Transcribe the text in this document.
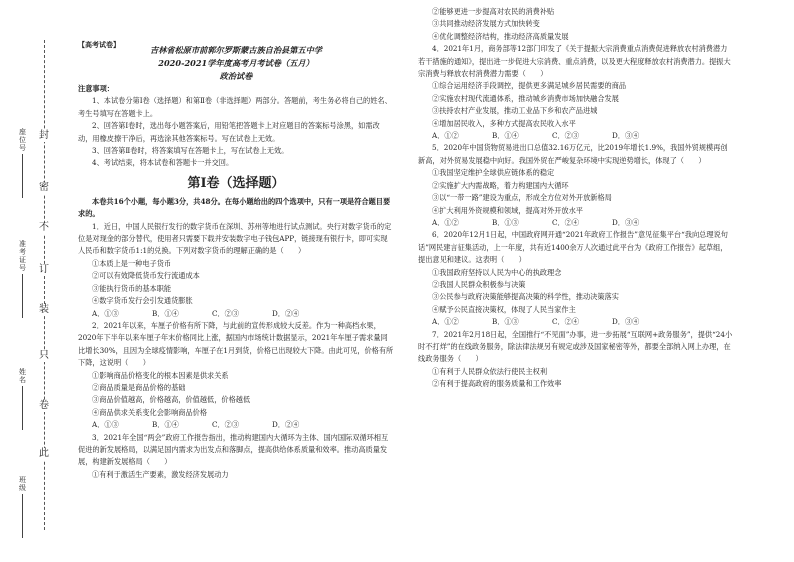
封
密
不
订
装
只
卷
此
座位号
准考证号
姓名
班级
【高考试卷】
吉林省松原市前郭尔罗斯蒙古族自治县第五中学
2020-2021学年度高考月考试卷（五月）
政治试卷

注意事项：

1、本试卷分第Ⅰ卷（选择题）和第Ⅱ卷（非选择题）两部分。答题前，考生务必将自己的姓名、考生号填写在答题卡上。

2、回答第Ⅰ卷时，选出每小题答案后，用铅笔把答题卡上对应题目的答案标号涂黑，如需改动，用橡皮擦干净后，再选涂其他答案标号。写在试卷上无效。

3、回答第Ⅱ卷时，将答案填写在答题卡上，写在试卷上无效。

4、考试结束，将本试卷和答题卡一并交回。

第Ⅰ卷（选择题）

本卷共16个小题，每小题3分，共48分。在每小题给出的四个选项中，只有一项是符合题目要求的。

1．近日，中国人民银行发行的数字货币在深圳、苏州等地进行试点测试。央行对数字货币的定位是对现金的部分替代，使用者只需要下载并安装数字电子钱包APP，链接现有银行卡，即可实现人民币和数字货币1:1的兑换。下列对数字货币的理解正确的是（　　）

①本质上是一种电子货币

②可以有效降低货币发行流通成本

③能执行货币的基本职能

④数字货币发行会引发通货膨胀

A．①③	B．①④	C．②③	D．②④

2．2021年以来，车厘子价格有所下降，与此前的宣传形成较大反差。作为一种高档水果，2020年下半年以来车厘子年末价格同比上涨，据国内市场统计数据显示，2021年车厘子需求量同比增长30%，且因为全球疫情影响，车厘子在1月到货，价格已出现较大下降。由此可见，价格有所下降，这说明（　　）

①影响商品价格变化的根本因素是供求关系

②商品质量是商品价格的基础

③商品价值越高，价格越高，价值越低，价格越低

④商品供求关系变化会影响商品价格

A．①③	B．①④	C．②③	D．②④

3．2021年全国“两会”政府工作报告指出，推动构建国内大循环为主体、国内国际双循环相互促进的新发展格局，以满足国内需求为出发点和落脚点，提高供给体系质量和效率。推动高质量发展，构建新发展格局（　　）

①有利于激活生产要素，激发经济发展动力

②能够更进一步提高对农民的消费补贴

③共同推动经济发展方式加快转变

④优化调整经济结构，推动经济高质量发展

4．2021年1月，商务部等12部门印发了《关于提振大宗消费重点消费促进释放农村消费潜力若干措施的通知》，提出进一步促进大宗消费、重点消费，以及更大程度释放农村消费潜力。提振大宗消费与释放农村消费潜力需要（　　）

①综合运用经济手段调控，提供更多满足城乡居民需要的商品

②实施农村现代流通体系，推动城乡消费市场加快融合发展

③扶持农村产业发展，推动工业品下乡和农产品进城

④增加居民收入，多种方式提高农民收入水平

A．①②	B．①④	C．②③	D．③④

5．2020年中国货物贸易进出口总值32.16万亿元，比2019年增长1.9%，我国外贸规模再创新高，对外贸易发展稳中向好。我国外贸在严峻复杂环境中实现逆势增长，体现了（　　）

①我国坚定维护全球供应链体系的稳定

②实施扩大内需战略，着力构建国内大循环

③以“一带一路”建设为重点，形成全方位对外开放新格局

④扩大利用外资规模和领域，提高对外开放水平

A．①②	B．①③	C．②④	D．③④

6．2020年12月1日起，中国政府网开通“2021年政府工作报告”意见征集平台“我向总理说句话”网民建言征集活动，上一年度，共有近1400余万人次通过此平台为《政府工作报告》起草组，提出意见和建议。这表明（　　）

①我国政府坚持以人民为中心的执政理念

②我国人民群众积极参与决策

③公民参与政府决策能够提高决策的科学性，推动决策落实

④赋予公民直接决策权，体现了人民当家作主

A．①②	B．①③	C．②④	D．③④

7．2021年2月18日起，全国推行“不见面”办事，进一步拓展“互联网+政务服务”，提供“24小时不打烊”的在线政务服务，除法律法规另有规定或涉及国家秘密等外，都要全部纳入网上办理，在线政务服务（　　）

①有利于人民群众依法行使民主权利

②有利于提高政府的服务质量和工作效率
